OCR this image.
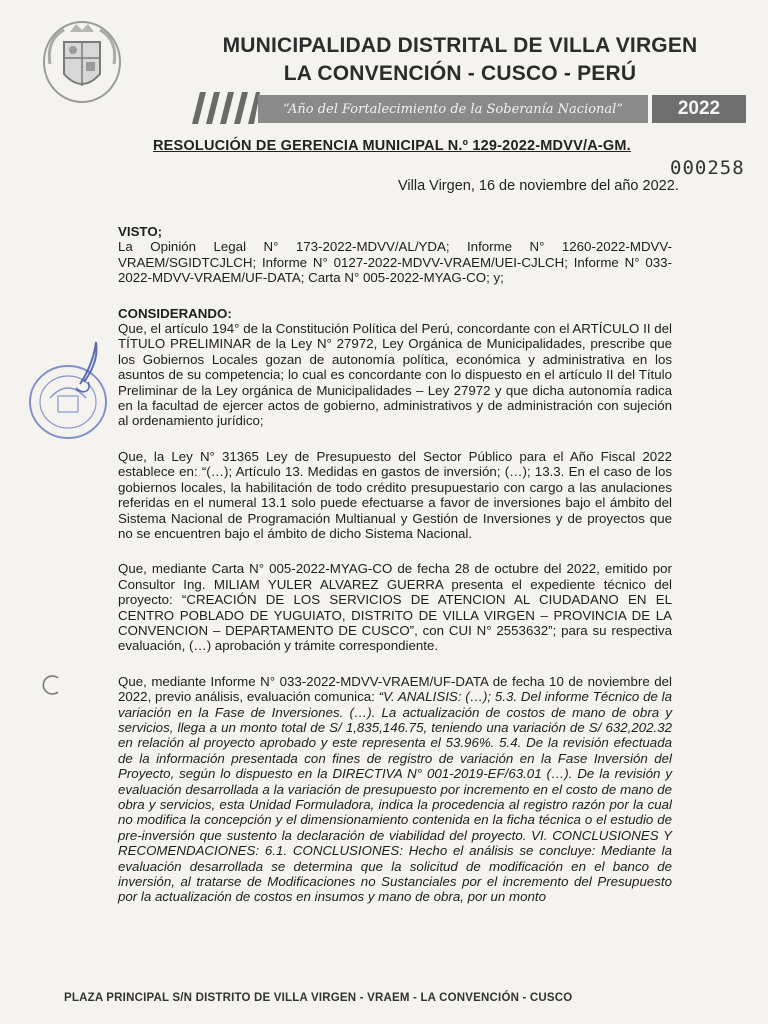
MUNICIPALIDAD DISTRITAL DE VILLA VIRGEN
LA CONVENCIÓN - CUSCO - PERÚ
“Año del Fortalecimiento de la Soberanía Nacional”	2022
RESOLUCIÓN DE GERENCIA MUNICIPAL N.º 129-2022-MDVV/A-GM.
000258
Villa Virgen, 16 de noviembre del año 2022.

VISTO;

La Opinión Legal N° 173-2022-MDVV/AL/YDA; Informe N° 1260-2022-MDVV-VRAEM/SGIDTCJLCH; Informe N° 0127-2022-MDVV-VRAEM/UEI-CJLCH; Informe N° 033-2022-MDVV-VRAEM/UF-DATA; Carta N° 005-2022-MYAG-CO; y;

CONSIDERANDO:

Que, el artículo 194° de la Constitución Política del Perú, concordante con el ARTÍCULO II del TÍTULO PRELIMINAR de la Ley N° 27972, Ley Orgánica de Municipalidades, prescribe que los Gobiernos Locales gozan de autonomía política, económica y administrativa en los asuntos de su competencia; lo cual es concordante con lo dispuesto en el artículo II del Título Preliminar de la Ley orgánica de Municipalidades – Ley 27972 y que dicha autonomía radica en la facultad de ejercer actos de gobierno, administrativos y de administración con sujeción al ordenamiento jurídico;

Que, la Ley N° 31365 Ley de Presupuesto del Sector Público para el Año Fiscal 2022 establece en: “(…); Artículo 13. Medidas en gastos de inversión; (…); 13.3. En el caso de los gobiernos locales, la habilitación de todo crédito presupuestario con cargo a las anulaciones referidas en el numeral 13.1 solo puede efectuarse a favor de inversiones bajo el ámbito del Sistema Nacional de Programación Multianual y Gestión de Inversiones y de proyectos que no se encuentren bajo el ámbito de dicho Sistema Nacional.

Que, mediante Carta N° 005-2022-MYAG-CO de fecha 28 de octubre del 2022, emitido por Consultor Ing. MILIAM YULER ALVAREZ GUERRA presenta el expediente técnico del proyecto: “CREACIÓN DE LOS SERVICIOS DE ATENCION AL CIUDADANO EN EL CENTRO POBLADO DE YUGUIATO, DISTRITO DE VILLA VIRGEN – PROVINCIA DE LA CONVENCION – DEPARTAMENTO DE CUSCO”, con CUI N° 2553632”; para su respectiva evaluación, (…) aprobación y trámite correspondiente.

Que, mediante Informe N° 033-2022-MDVV-VRAEM/UF-DATA de fecha 10 de noviembre del 2022, previo análisis, evaluación comunica: “V. ANALISIS: (…); 5.3. Del informe Técnico de la variación en la Fase de Inversiones. (…). La actualización de costos de mano de obra y servicios, llega a un monto total de S/ 1,835,146.75, teniendo una variación de S/ 632,202.32 en relación al proyecto aprobado y este representa el 53.96%. 5.4. De la revisión efectuada de la información presentada con fines de registro de variación en la Fase Inversión del Proyecto, según lo dispuesto en la DIRECTIVA N° 001-2019-EF/63.01 (…). De la revisión y evaluación desarrollada a la variación de presupuesto por incremento en el costo de mano de obra y servicios, esta Unidad Formuladora, indica la procedencia al registro razón por la cual no modifica la concepción y el dimensionamiento contenida en la ficha técnica o el estudio de pre-inversión que sustento la declaración de viabilidad del proyecto. VI. CONCLUSIONES Y RECOMENDACIONES: 6.1. CONCLUSIONES: Hecho el análisis se concluye: Mediante la evaluación desarrollada se determina que la solicitud de modificación en el banco de inversión, al tratarse de Modificaciones no Sustanciales por el incremento del Presupuesto por la actualización de costos en insumos y mano de obra, por un monto

PLAZA PRINCIPAL S/N DISTRITO DE VILLA VIRGEN - VRAEM - LA CONVENCIÓN - CUSCO
